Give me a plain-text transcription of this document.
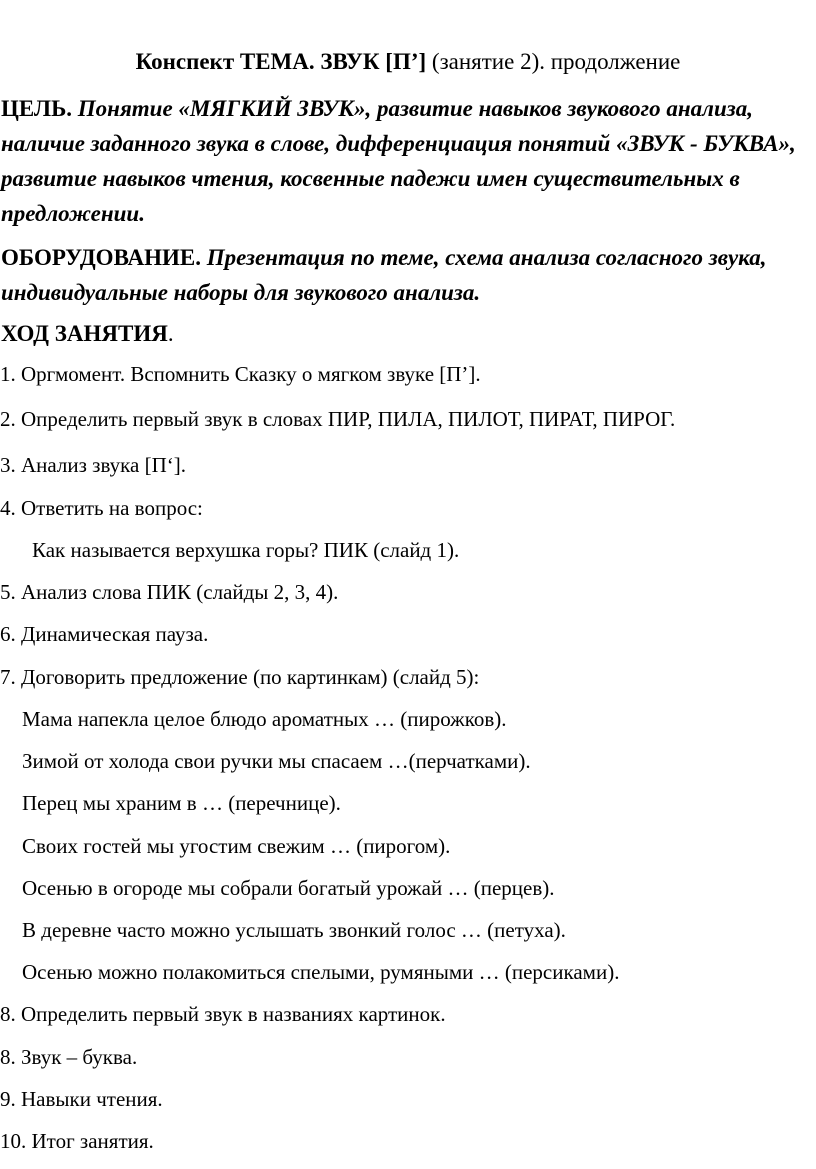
Конспект ТЕМА. ЗВУК [П’] (занятие 2). продолжение
ЦЕЛЬ. Понятие «МЯГКИЙ ЗВУК», развитие навыков звукового анализа, наличие заданного звука в слове, дифференциация понятий «ЗВУК - БУКВА», развитие навыков чтения, косвенные падежи имен существительных в предложении.
ОБОРУДОВАНИЕ. Презентация по теме, схема анализа согласного звука, индивидуальные наборы для звукового анализа.
ХОД ЗАНЯТИЯ.
1. Оргмомент. Вспомнить Сказку о мягком звуке [П’].
2. Определить первый звук в словах ПИР, ПИЛА, ПИЛОТ, ПИРАТ, ПИРОГ.
3. Анализ звука [П‘].
4. Ответить на вопрос:
Как называется верхушка горы? ПИК (слайд 1).
5. Анализ слова ПИК (слайды 2, 3, 4).
6. Динамическая пауза.
7. Договорить предложение (по картинкам) (слайд 5):
Мама напекла целое блюдо ароматных … (пирожков).
Зимой от холода свои ручки мы спасаем …(перчатками).
Перец мы храним в … (перечнице).
Своих гостей мы угостим свежим … (пирогом).
Осенью в огороде мы собрали богатый урожай … (перцев).
В деревне часто можно услышать звонкий голос … (петуха).
Осенью можно полакомиться спелыми, румяными … (персиками).
8. Определить первый звук в названиях картинок.
8. Звук – буква.
9. Навыки чтения.
10. Итог занятия.
